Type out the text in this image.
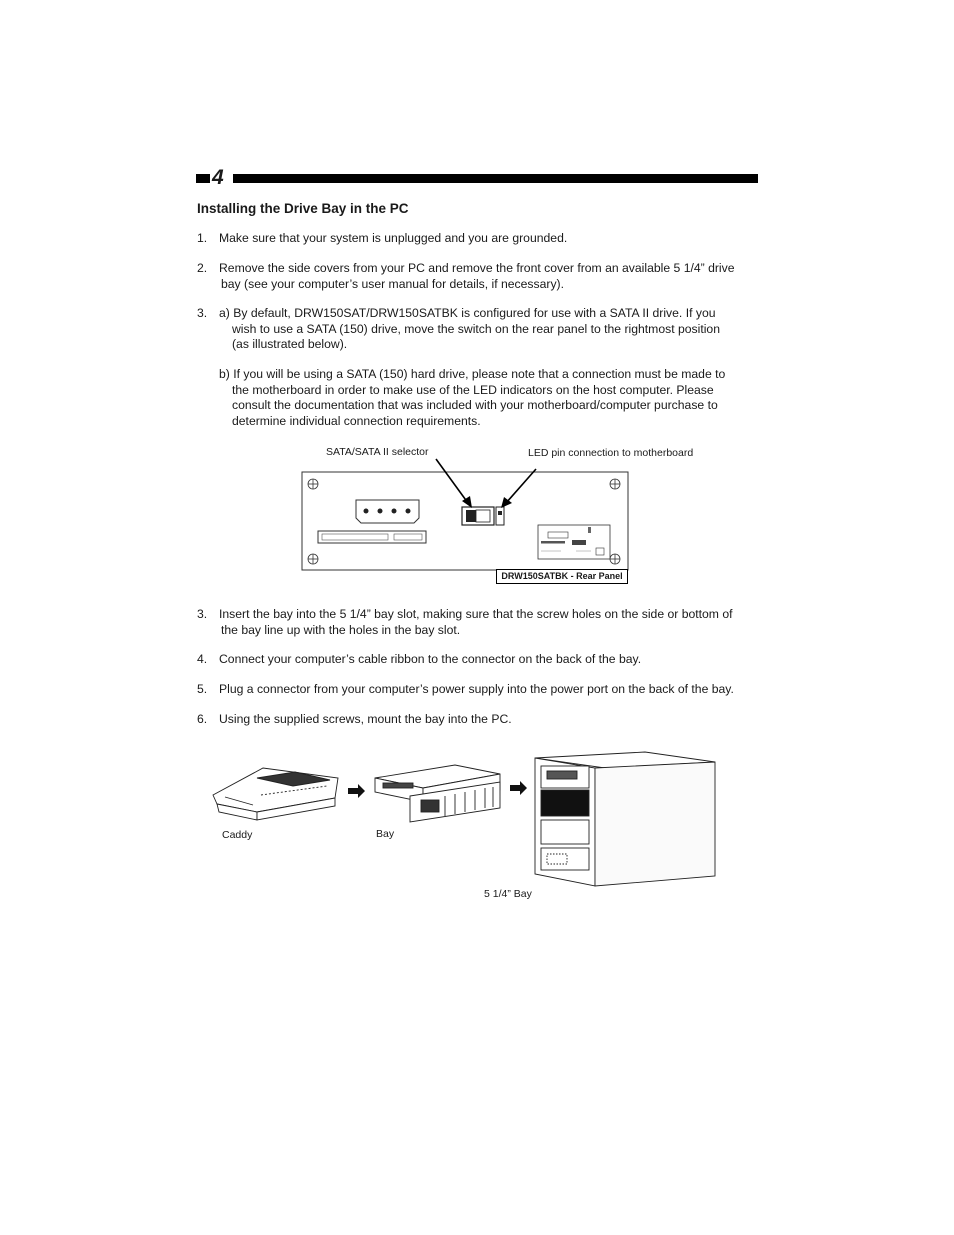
4
Installing the Drive Bay in the PC
1. Make sure that your system is unplugged and you are grounded.
2. Remove the side covers from your PC and remove the front cover from an available 5 1/4” drive
bay (see your computer’s user manual for details, if necessary).
3. a) By default, DRW150SAT/DRW150SATBK is configured for use with a SATA II drive. If you
wish to use a SATA (150) drive, move the switch on the rear panel to the rightmost position
(as illustrated below).
b) If you will be using a SATA (150) hard drive, please note that a connection must be made to
the motherboard in order to make use of the LED indicators on the host computer. Please
consult the documentation that was included with your motherboard/computer purchase to
determine individual connection requirements.
SATA/SATA II selector	LED pin connection to motherboard
DRW150SATBK - Rear Panel
3. Insert the bay into the 5 1/4” bay slot, making sure that the screw holes on the side or bottom of
the bay line up with the holes in the bay slot.
4. Connect your computer’s cable ribbon to the connector on the back of the bay.
5. Plug a connector from your computer’s power supply into the power port on the back of the bay.
6. Using the supplied screws, mount the bay into the PC.
Caddy	Bay
5 1/4” Bay
